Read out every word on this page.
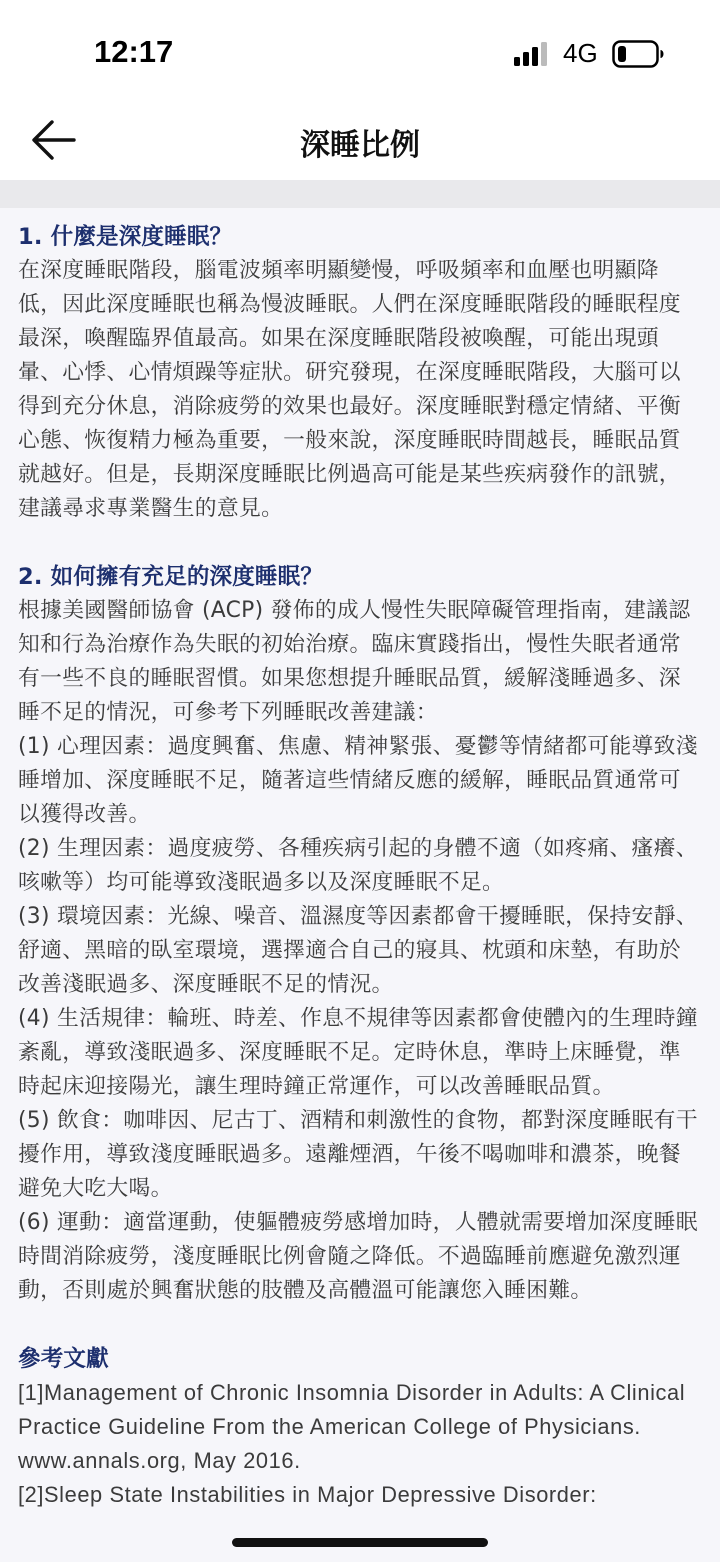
12:17	4G
深睡比例
1. 什麼是深度睡眠？
在深度睡眠階段，腦電波頻率明顯變慢，呼吸頻率和血壓也明顯降低，因此深度睡眠也稱為慢波睡眠。人們在深度睡眠階段的睡眠程度最深，喚醒臨界值最高。如果在深度睡眠階段被喚醒，可能出現頭暈、心悸、心情煩躁等症狀。研究發現，在深度睡眠階段，大腦可以得到充分休息，消除疲勞的效果也最好。深度睡眠對穩定情緒、平衡心態、恢復精力極為重要，一般來說，深度睡眠時間越長，睡眠品質就越好。但是，長期深度睡眠比例過高可能是某些疾病發作的訊號，建議尋求專業醫生的意見。
2. 如何擁有充足的深度睡眠？
根據美國醫師協會 (ACP) 發佈的成人慢性失眠障礙管理指南，建議認知和行為治療作為失眠的初始治療。臨床實踐指出，慢性失眠者通常有一些不良的睡眠習慣。如果您想提升睡眠品質，緩解淺睡過多、深睡不足的情況，可參考下列睡眠改善建議：
(1) 心理因素：過度興奮、焦慮、精神緊張、憂鬱等情緒都可能導致淺睡增加、深度睡眠不足，隨著這些情緒反應的緩解，睡眠品質通常可以獲得改善。
(2) 生理因素：過度疲勞、各種疾病引起的身體不適（如疼痛、瘙癢、咳嗽等）均可能導致淺眠過多以及深度睡眠不足。
(3) 環境因素：光線、噪音、溫濕度等因素都會干擾睡眠，保持安靜、舒適、黑暗的臥室環境，選擇適合自己的寢具、枕頭和床墊，有助於改善淺眠過多、深度睡眠不足的情況。
(4) 生活規律：輪班、時差、作息不規律等因素都會使體內的生理時鐘紊亂，導致淺眠過多、深度睡眠不足。定時休息，準時上床睡覺，準時起床迎接陽光，讓生理時鐘正常運作，可以改善睡眠品質。
(5) 飲食：咖啡因、尼古丁、酒精和刺激性的食物，都對深度睡眠有干擾作用，導致淺度睡眠過多。遠離煙酒，午後不喝咖啡和濃茶，晚餐避免大吃大喝。
(6) 運動：適當運動，使軀體疲勞感增加時，人體就需要增加深度睡眠時間消除疲勞，淺度睡眠比例會隨之降低。不過臨睡前應避免激烈運動，否則處於興奮狀態的肢體及高體溫可能讓您入睡困難。
參考文獻
[1]Management of Chronic Insomnia Disorder in Adults: A Clinical Practice Guideline From the American College of Physicians. www.annals.org, May 2016.
[2]Sleep State Instabilities in Major Depressive Disorder:
